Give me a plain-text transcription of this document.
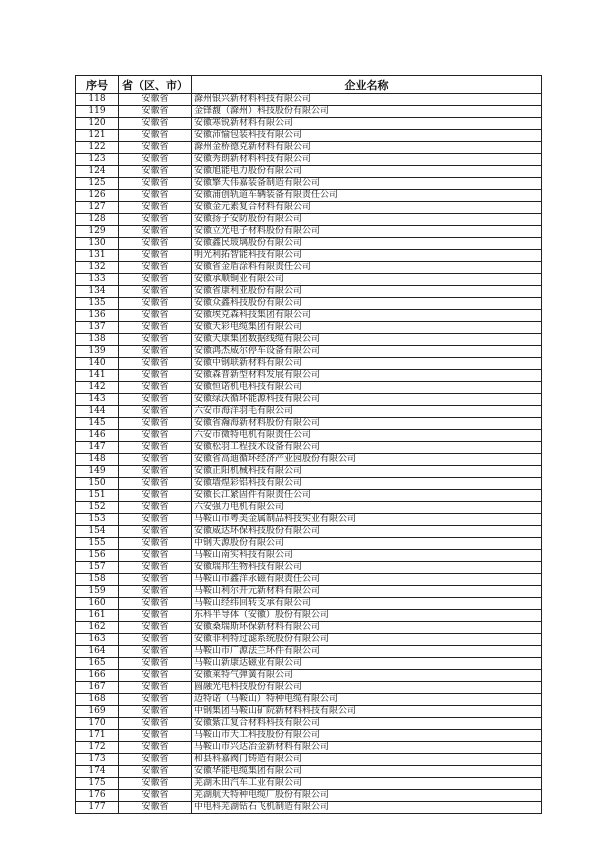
序号	省（区、市）	企业名称
118	安徽省	滁州银兴新材料科技有限公司
119	安徽省	金锋馥（滁州）科技股份有限公司
120	安徽省	安徽寒锐新材料有限公司
121	安徽省	安徽沛愉包装科技有限公司
122	安徽省	滁州金桥德克新材料有限公司
123	安徽省	安徽秀朗新材料科技有限公司
124	安徽省	安徽旭能电力股份有限公司
125	安徽省	安徽擎天伟嘉装备制造有限公司
126	安徽省	安徽浦创轨道车辆装备有限责任公司
127	安徽省	安徽金元素复合材料有限公司
128	安徽省	安徽扬子安防股份有限公司
129	安徽省	安徽立光电子材料股份有限公司
130	安徽省	安徽鑫民玻璃股份有限公司
131	安徽省	明光利拓智能科技有限公司
132	安徽省	安徽省金盾涂料有限责任公司
133	安徽省	安徽承顺铜业有限公司
134	安徽省	安徽省康利亚股份有限公司
135	安徽省	安徽众鑫科技股份有限公司
136	安徽省	安徽埃克森科技集团有限公司
137	安徽省	安徽天彩电缆集团有限公司
138	安徽省	安徽天康集团数据线缆有限公司
139	安徽省	安徽鸿杰威尔停车设备有限公司
140	安徽省	安徽中钢联新材料有限公司
141	安徽省	安徽森普新型材料发展有限公司
142	安徽省	安徽恒诺机电科技有限公司
143	安徽省	安徽绿沃循环能源科技有限公司
144	安徽省	六安市海洋羽毛有限公司
145	安徽省	安徽省瀚海新材料股份有限公司
146	安徽省	六安市微特电机有限责任公司
147	安徽省	安徽松羽工程技术设备有限公司
148	安徽省	安徽省高迪循环经济产业园股份有限公司
149	安徽省	安徽正阳机械科技有限公司
150	安徽省	安徽墙煌彩铝科技有限公司
151	安徽省	安徽长江紧固件有限责任公司
152	安徽省	六安强力电机有限公司
153	安徽省	马鞍山市粤美金属制品科技实业有限公司
154	安徽省	安徽威达环保科技股份有限公司
155	安徽省	中钢天源股份有限公司
156	安徽省	马鞍山南实科技有限公司
157	安徽省	安徽瑞邦生物科技有限公司
158	安徽省	马鞍山市鑫洋永磁有限责任公司
159	安徽省	马鞍山利尔开元新材料有限公司
160	安徽省	马鞍山经纬回转支承有限公司
161	安徽省	东科半导体（安徽）股份有限公司
162	安徽省	安徽桑瑞斯环保新材料有限公司
163	安徽省	安徽菲利特过滤系统股份有限公司
164	安徽省	马鞍山市广源法兰环件有限公司
165	安徽省	马鞍山新康达磁业有限公司
166	安徽省	安徽莱特气弹簧有限公司
167	安徽省	圆融光电科技股份有限公司
168	安徽省	迈特诺（马鞍山）特种电缆有限公司
169	安徽省	中钢集团马鞍山矿院新材料科技有限公司
170	安徽省	安徽紫江复合材料科技有限公司
171	安徽省	马鞍山市天工科技股份有限公司
172	安徽省	马鞍山市兴达冶金新材料有限公司
173	安徽省	和县科嘉阀门铸造有限公司
174	安徽省	安徽华能电缆集团有限公司
175	安徽省	芜湖禾田汽车工业有限公司
176	安徽省	芜湖航天特种电缆厂股份有限公司
177	安徽省	中电科芜湖钻石飞机制造有限公司
